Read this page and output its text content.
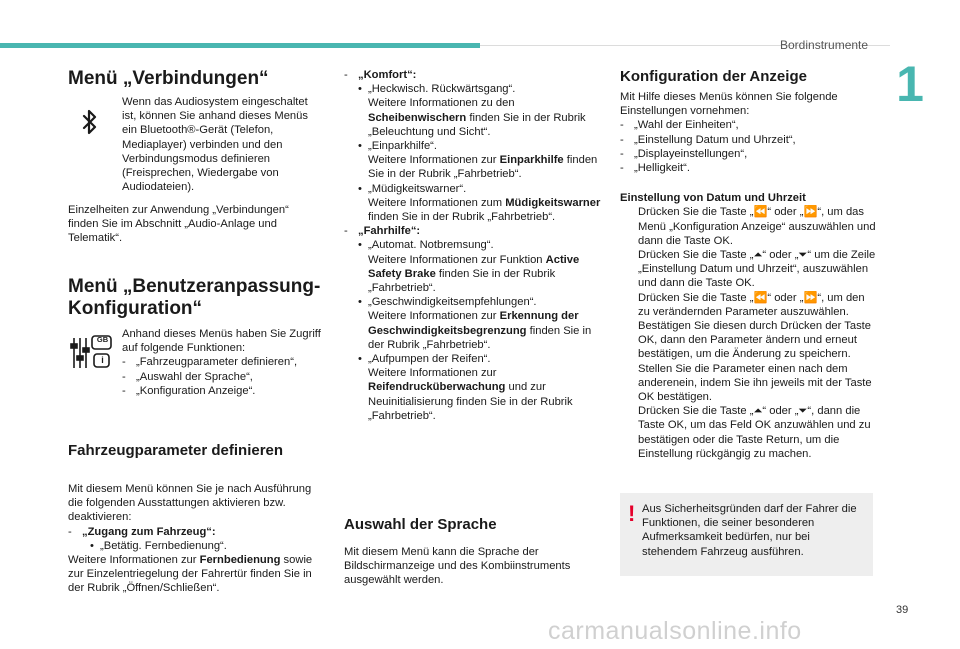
Bordinstrumente
1
Menü „Verbindungen“

Wenn das Audiosystem eingeschaltet ist, können Sie anhand dieses Menüs ein Bluetooth®-Gerät (Telefon, Mediaplayer) verbinden und den Verbindungsmodus definieren (Freisprechen, Wiedergabe von Audiodateien).

Einzelheiten zur Anwendung „Verbindungen“ finden Sie im Abschnitt „Audio-Anlage und Telematik“.

Menü „Benutzeranpassung-
Konfiguration“
GB
i

Anhand dieses Menüs haben Sie Zugriff auf folgende Funktionen:

- „Fahrzeugparameter definieren“,
- „Auswahl der Sprache“,
- „Konfiguration Anzeige“.
Fahrzeugparameter definieren

Mit diesem Menü können Sie je nach Ausführung die folgenden Ausstattungen aktivieren bzw. deaktivieren:

- „Zugang zum Fahrzeug“:
• „Betätig. Fernbedienung“.

Weitere Informationen zur Fernbedienung sowie zur Einzelentriegelung der Fahrertür finden Sie in der Rubrik „Öffnen/Schließen“.

- „Komfort“:
• „Heckwisch. Rückwärtsgang“.

Weitere Informationen zu den Scheibenwischern finden Sie in der Rubrik „Beleuchtung und Sicht“.

• „Einparkhilfe“.

Weitere Informationen zur Einparkhilfe finden Sie in der Rubrik „Fahrbetrieb“.

• „Müdigkeitswarner“.

Weitere Informationen zum Müdigkeitswarner finden Sie in der Rubrik „Fahrbetrieb“.

- „Fahrhilfe“:
• „Automat. Notbremsung“.

Weitere Informationen zur Funktion Active Safety Brake finden Sie in der Rubrik „Fahrbetrieb“.

• „Geschwindigkeitsempfehlungen“.

Weitere Informationen zur Erkennung der Geschwindigkeitsbegrenzung finden Sie in der Rubrik „Fahrbetrieb“.

• „Aufpumpen der Reifen“.

Weitere Informationen zur Reifendrucküberwachung und zur Neuinitialisierung finden Sie in der Rubrik „Fahrbetrieb“.

Auswahl der Sprache

Mit diesem Menü kann die Sprache der Bildschirmanzeige und des Kombiinstruments ausgewählt werden.

Konfiguration der Anzeige

Mit Hilfe dieses Menüs können Sie folgende Einstellungen vornehmen:

- „Wahl der Einheiten“,
- „Einstellung Datum und Uhrzeit“,
- „Displayeinstellungen“,
- „Helligkeit“.

Einstellung von Datum und Uhrzeit

Drücken Sie die Taste „⏪“ oder „⏩“, um das Menü „Konfiguration Anzeige“ auszuwählen und dann die Taste OK.
Drücken Sie die Taste „⏶“ oder „⏷“ um die Zeile „Einstellung Datum und Uhrzeit“, auszuwählen und dann die Taste OK.
Drücken Sie die Taste „⏪“ oder „⏩“, um den zu verändernden Parameter auszuwählen. Bestätigen Sie diesen durch Drücken der Taste OK, dann den Parameter ändern und erneut bestätigen, um die Änderung zu speichern.
Stellen Sie die Parameter einen nach dem anderenein, indem Sie ihn jeweils mit der Taste OK bestätigen.
Drücken Sie die Taste „⏶“ oder „⏷“, dann die Taste OK, um das Feld OK anzuwählen und zu bestätigen oder die Taste Return, um die Einstellung rückgängig zu machen.
! Aus Sicherheitsgründen darf der Fahrer die Funktionen, die seiner besonderen Aufmerksamkeit bedürfen, nur bei stehendem Fahrzeug ausführen.
39
carmanualsonline.info
